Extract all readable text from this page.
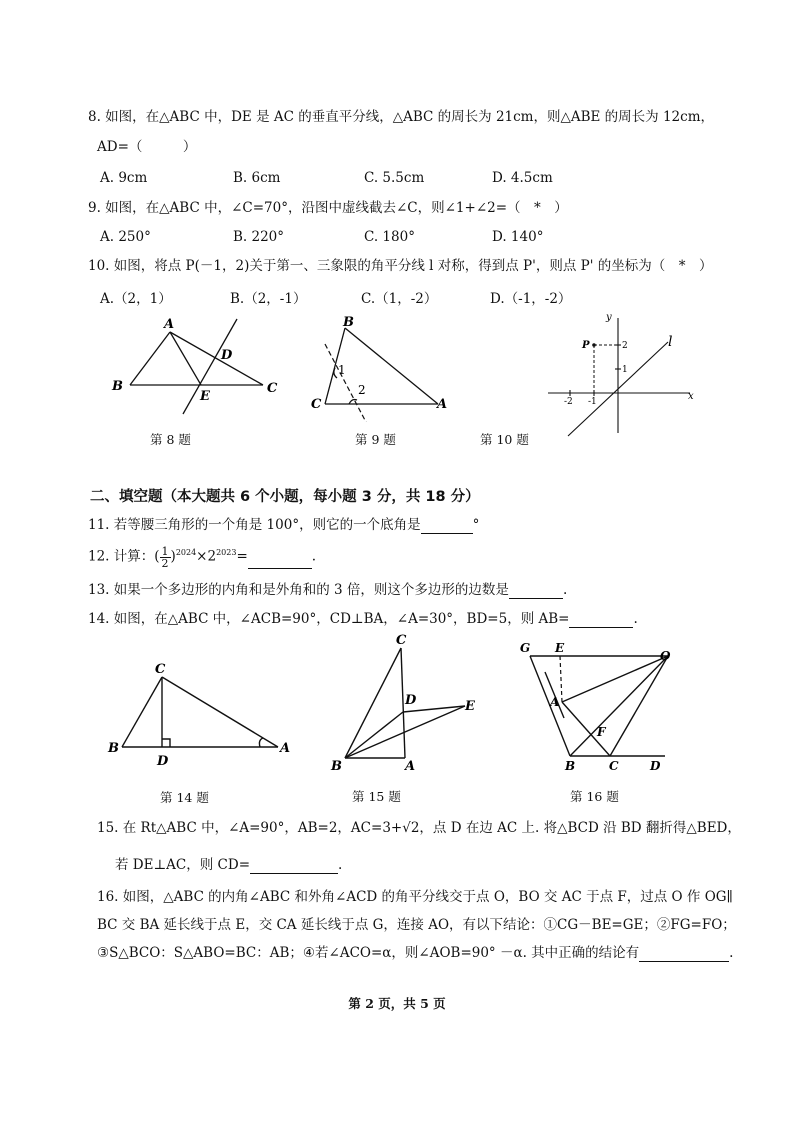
8. 如图，在△ABC 中，DE 是 AC 的垂直平分线，△ABC 的周长为 21cm，则△ABE 的周长为 12cm，
AD=（　　　）
A. 9cm	B. 6cm	C. 5.5cm	D. 4.5cm
9. 如图，在△ABC 中，∠C=70°，沿图中虚线截去∠C，则∠1+∠2=（　*　）
A. 250°	B. 220°	C. 180°	D. 140°
10. 如图，将点 P(－1，2)关于第一、三象限的角平分线 l 对称，得到点 P'，则点 P' 的坐标为（　*　）
A.（2，1）	B.（2，-1）	C.（1，-2）	D.（-1，-2）
A
B	C
D
E
第 8 题
B
C	A
1
2
第 9 题
y
x
P	l
2
1
-2 -1
第 10 题
二、填空题（本大题共 6 个小题，每小题 3 分，共 18 分）
11. 若等腰三角形的一个角是 100°，则它的一个底角是	°
12. 计算：( $\frac{1}{2} )^{2024}\times 2^{2023}=$	.
13. 如果一个多边形的内角和是外角和的 3 倍，则这个多边形的边数是	.
14. 如图，在△ABC 中，∠ACB=90°，CD⊥BA，∠A=30°，BD=5，则 AB=	.
C
B	A
D
第 14 题
C
B	A
D	E
第 15 题
G E
O
A
F
B	C	D
第 16 题
15. 在 Rt△ABC 中，∠A=90°，AB=2，AC=3+√2，点 D 在边 AC 上. 将△BCD 沿 BD 翻折得△BED，
若 DE⊥AC，则 CD=	.
16. 如图，△ABC 的内角∠ABC 和外角∠ACD 的角平分线交于点 O，BO 交 AC 于点 F，过点 O 作 OG∥
BC 交 BA 延长线于点 E，交 CA 延长线于点 G，连接 AO，有以下结论：①CG－BE=GE；②FG=FO；
③S△BCO：S△ABO=BC：AB；④若∠ACO=α，则∠AOB=90° －α. 其中正确的结论有	.
第 2 页，共 5 页
